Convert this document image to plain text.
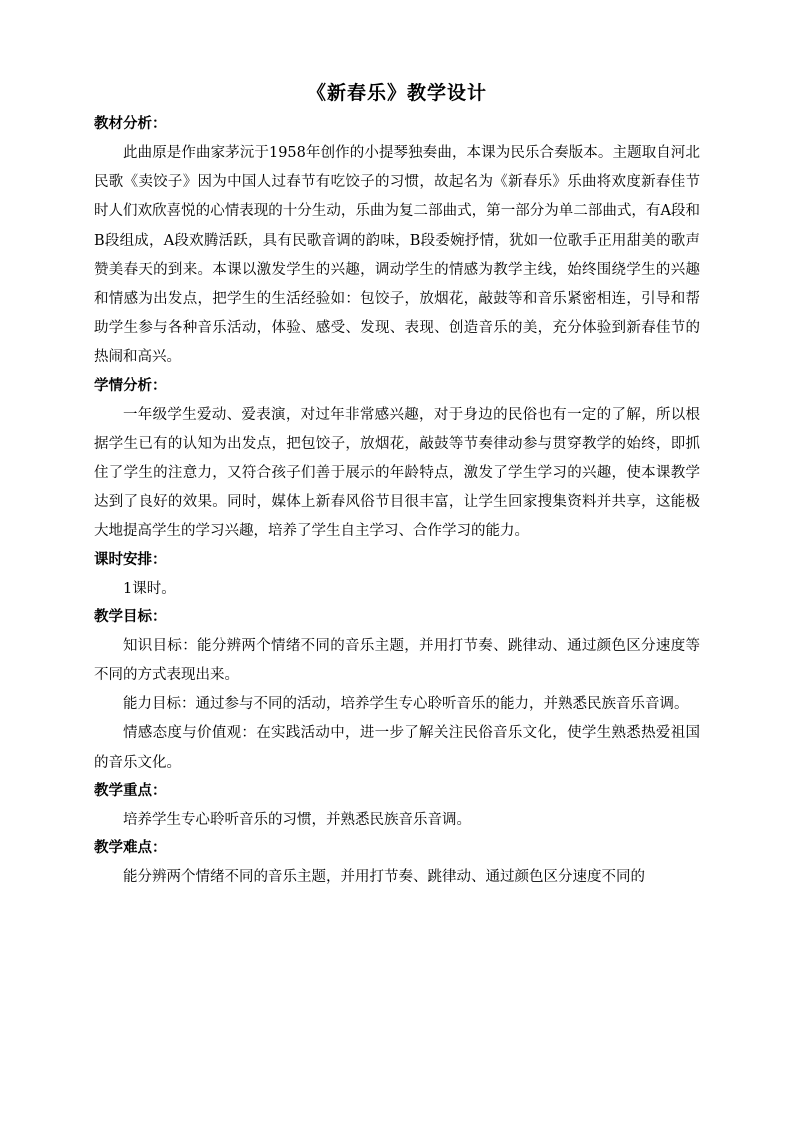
《新春乐》教学设计
教材分析：

此曲原是作曲家茅沅于1958年创作的小提琴独奏曲，本课为民乐合奏版本。主题取自河北民歌《卖饺子》因为中国人过春节有吃饺子的习惯，故起名为《新春乐》乐曲将欢度新春佳节时人们欢欣喜悦的心情表现的十分生动，乐曲为复二部曲式，第一部分为单二部曲式，有A段和B段组成，A段欢腾活跃，具有民歌音调的韵味，B段委婉抒情，犹如一位歌手正用甜美的歌声赞美春天的到来。本课以激发学生的兴趣，调动学生的情感为教学主线，始终围绕学生的兴趣和情感为出发点，把学生的生活经验如：包饺子，放烟花，敲鼓等和音乐紧密相连，引导和帮助学生参与各种音乐活动，体验、感受、发现、表现、创造音乐的美，充分体验到新春佳节的热闹和高兴。

学情分析：

一年级学生爱动、爱表演，对过年非常感兴趣，对于身边的民俗也有一定的了解，所以根据学生已有的认知为出发点，把包饺子，放烟花，敲鼓等节奏律动参与贯穿教学的始终，即抓住了学生的注意力，又符合孩子们善于展示的年龄特点，激发了学生学习的兴趣，使本课教学达到了良好的效果。同时，媒体上新春风俗节目很丰富，让学生回家搜集资料并共享，这能极大地提高学生的学习兴趣，培养了学生自主学习、合作学习的能力。

课时安排：

1课时。

教学目标：

知识目标：能分辨两个情绪不同的音乐主题，并用打节奏、跳律动、通过颜色区分速度等不同的方式表现出来。

能力目标：通过参与不同的活动，培养学生专心聆听音乐的能力，并熟悉民族音乐音调。

情感态度与价值观：在实践活动中，进一步了解关注民俗音乐文化，使学生熟悉热爱祖国的音乐文化。

教学重点：

培养学生专心聆听音乐的习惯，并熟悉民族音乐音调。

教学难点：

能分辨两个情绪不同的音乐主题，并用打节奏、跳律动、通过颜色区分速度不同的
